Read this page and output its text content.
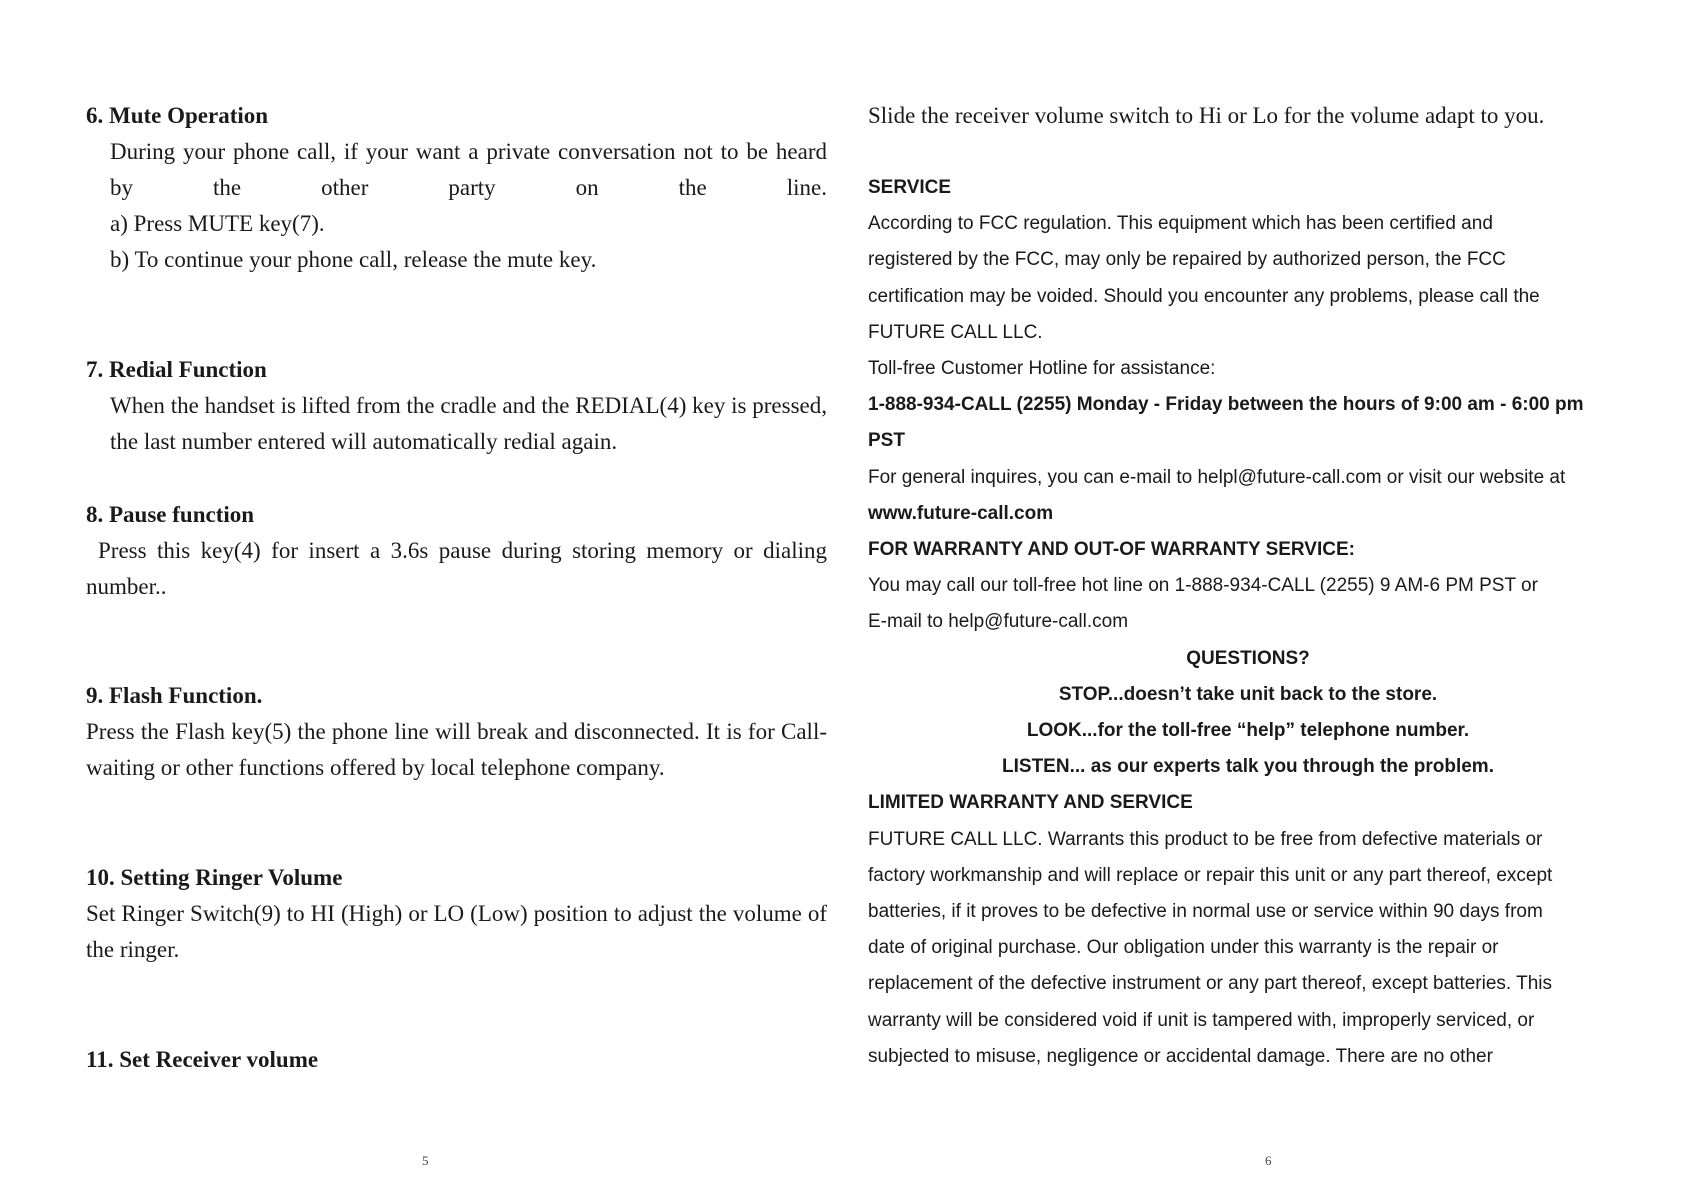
6. Mute Operation

During your phone call, if your want a private conversation not to be heard by the other party on the line.

a) Press MUTE key(7).

b) To continue your phone call, release the mute key.

7. Redial Function

When the handset is lifted from the cradle and the REDIAL(4) key is pressed, the last number entered will automatically redial again.

8. Pause function

Press this key(4) for insert a 3.6s pause during storing memory or dialing number..

9. Flash Function.

Press the Flash key(5) the phone line will break and disconnected. It is for Call-waiting or other functions offered by local telephone company.

10. Setting Ringer Volume

Set Ringer Switch(9) to HI (High) or LO (Low) position to adjust the volume of the ringer.

11. Set Receiver volume
5

Slide the receiver volume switch to Hi or Lo for the volume adapt to you.

SERVICE

According to FCC regulation. This equipment which has been certified and

registered by the FCC, may only be repaired by authorized person, the FCC

certification may be voided. Should you encounter any problems, please call the

FUTURE CALL LLC.

Toll-free Customer Hotline for assistance:

1-888-934-CALL (2255) Monday - Friday between the hours of 9:00 am - 6:00 pm

PST

For general inquires, you can e-mail to helpl@future-call.com or visit our website at

www.future-call.com

FOR WARRANTY AND OUT-OF WARRANTY SERVICE:

You may call our toll-free hot line on 1-888-934-CALL (2255) 9 AM-6 PM PST or

E-mail to help@future-call.com

QUESTIONS?

STOP...doesn’t take unit back to the store.

LOOK...for the toll-free “help” telephone number.

LISTEN... as our experts talk you through the problem.

LIMITED WARRANTY AND SERVICE

FUTURE CALL LLC. Warrants this product to be free from defective materials or

factory workmanship and will replace or repair this unit or any part thereof, except

batteries, if it proves to be defective in normal use or service within 90 days from

date of original purchase. Our obligation under this warranty is the repair or

replacement of the defective instrument or any part thereof, except batteries. This

warranty will be considered void if unit is tampered with, improperly serviced, or

subjected to misuse, negligence or accidental damage. There are no other

6
